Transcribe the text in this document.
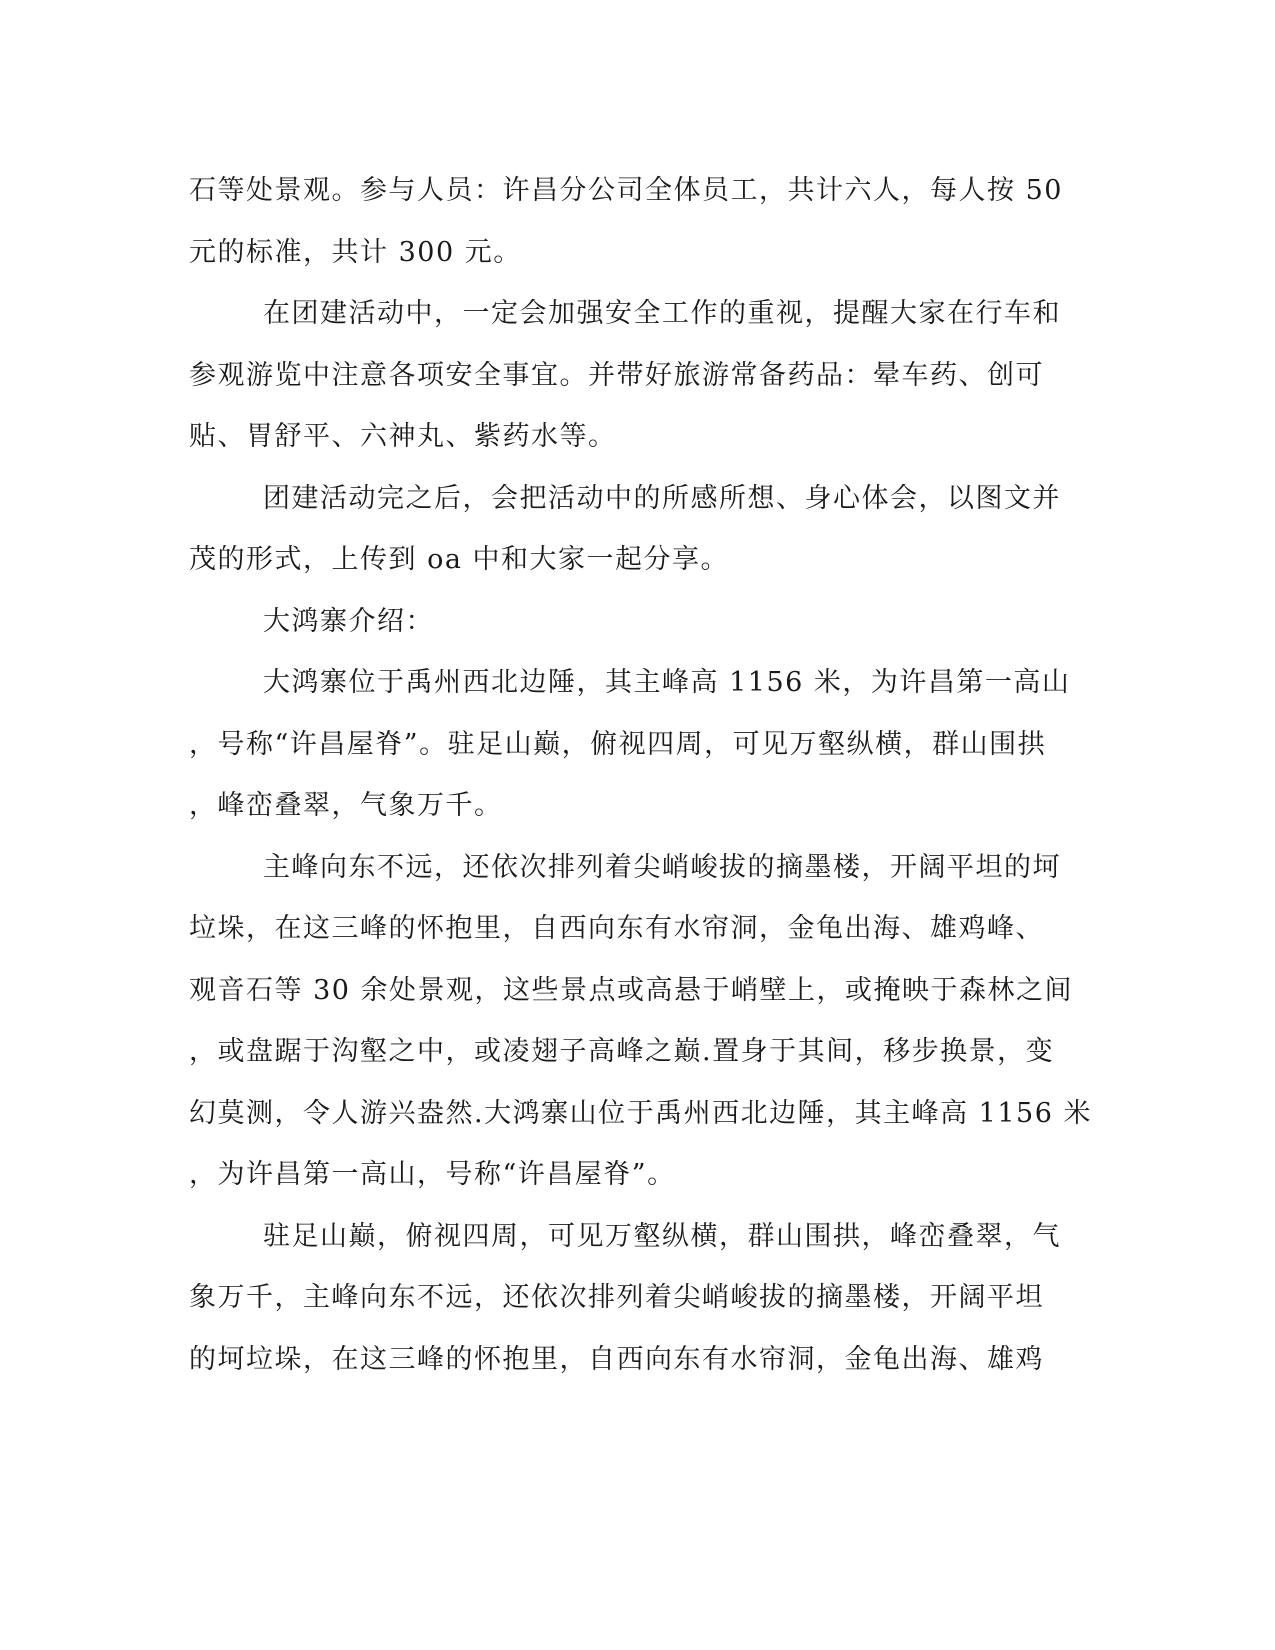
石等处景观。参与人员：许昌分公司全体员工，共计六人，每人按 50
元的标准，共计 300 元。
在团建活动中，一定会加强安全工作的重视，提醒大家在行车和
参观游览中注意各项安全事宜。并带好旅游常备药品：晕车药、创可
贴、胃舒平、六神丸、紫药水等。
团建活动完之后，会把活动中的所感所想、身心体会，以图文并
茂的形式，上传到 oa 中和大家一起分享。
大鸿寨介绍：
大鸿寨位于禹州西北边陲，其主峰高 1156 米，为许昌第一高山
，号称“许昌屋脊”。驻足山巅，俯视四周，可见万壑纵横，群山围拱
，峰峦叠翠，气象万千。
主峰向东不远，还依次排列着尖峭峻拔的摘墨楼，开阔平坦的坷
垃垛，在这三峰的怀抱里，自西向东有水帘洞，金龟出海、雄鸡峰、
观音石等 30 余处景观，这些景点或高悬于峭壁上，或掩映于森林之间
，或盘踞于沟壑之中，或凌翅子高峰之巅.置身于其间，移步换景，变
幻莫测，令人游兴盎然.大鸿寨山位于禹州西北边陲，其主峰高 1156 米
，为许昌第一高山，号称“许昌屋脊”。
驻足山巅，俯视四周，可见万壑纵横，群山围拱，峰峦叠翠，气
象万千，主峰向东不远，还依次排列着尖峭峻拔的摘墨楼，开阔平坦
的坷垃垛，在这三峰的怀抱里，自西向东有水帘洞，金龟出海、雄鸡
